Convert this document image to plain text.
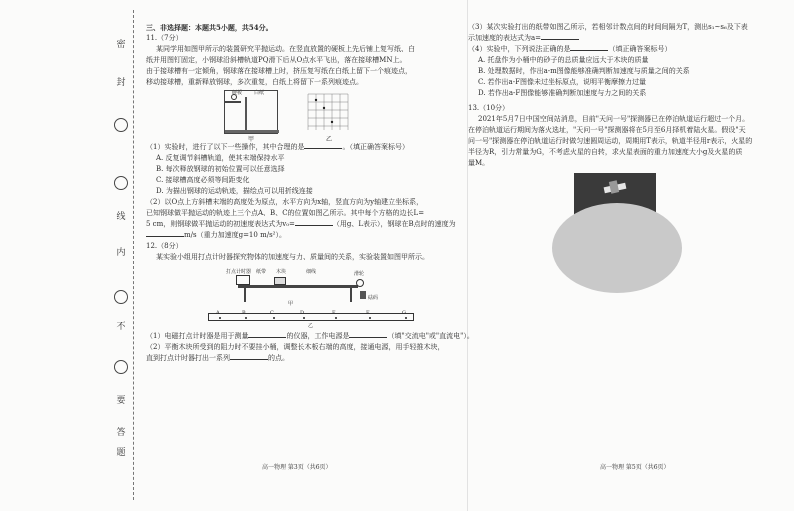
密
封
线
内
不
要
答
题
三、非选择题：本题共5小题，共54分。
11.（7分）
某同学用如图甲所示的装置研究平抛运动。在竖直放置的硬板上先后铺上复写纸、白
纸并用图钉固定，小钢球沿斜槽轨道PQ滑下后从O点水平飞出，落在接球槽MN上。
由于接球槽有一定倾角，钢球落在接球槽上时，挤压复写纸在白纸上留下一个痕迹点，
移动接球槽，重新释放钢球，多次重复，白纸上将留下一系列痕迹点。
硬板 白纸
甲	乙
（1）实验时，进行了以下一些操作，其中合理的是	。（填正确答案标号）
A. 反复调节斜槽轨道，使其末端保持水平
B. 每次释放钢球的初始位置可以任意选择
C. 接球槽高度必须等间距变化
D. 为描出钢球的运动轨迹，描绘点可以用折线连接
（2）以O点上方斜槽末端的高度处为原点，水平方向为x轴，竖直方向为y轴建立坐标系，
已知钢球做平抛运动的轨迹上三个点A、B、C的位置如图乙所示。其中每个方格的边长L=
5 cm，则钢球做平抛运动的初速度表达式为v₀=	（用g、L表示），钢球在B点时的速度为
m/s（重力加速度g=10 m/s²）。
12.（8分）
某实验小组用打点计时器探究物体的加速度与力、质量间的关系，实验装置如图甲所示。
打点计时器 纸带 木块	细线	滑轮
砝码
甲
A	B	C	D	E	F	G
乙
（1）电磁打点计时器是用于测量	的仪器，工作电源是	（填"交流电"或"直流电"）。
（2）平衡木块所受到的阻力时不要挂小桶，调整长木板右端的高度，接通电源，用手轻推木块，
直到打点计时器打出一系列	的点。
（3）某次实验打出的纸带如图乙所示，若相邻计数点间的时间间隔为T，测出s₁~s₆及下表
示加速度的表达式为a=
（4）实验中，下列说法正确的是	（填正确答案标号）
A. 托盘作为小桶中的砂子的总质量应远大于木块的质量
B. 处理数据时，作出a-m图像能够准确判断加速度与质量之间的关系
C. 若作出a-F图像未过坐标原点，说明平衡摩擦力过量
D. 若作出a-F图像能够准确判断加速度与力之间的关系
13.（10分）
2021年5月7日中国空间站消息，目前"天问一号"探测器已在停泊轨道运行超过一个月。
在停泊轨道运行期间为落火选址，"天问一号"探测器将在5月至6月择机着陆火星。假设"天
问一号"探测器在停泊轨道运行时做匀速圆周运动，周期用T表示，轨道半径用r表示，火星的
半径为R，引力常量为G，不考虑火星的自转，求火星表面的重力加速度大小g及火星的质
量M。
高一物理 第3页（共6页）	高一物理 第5页（共6页）
